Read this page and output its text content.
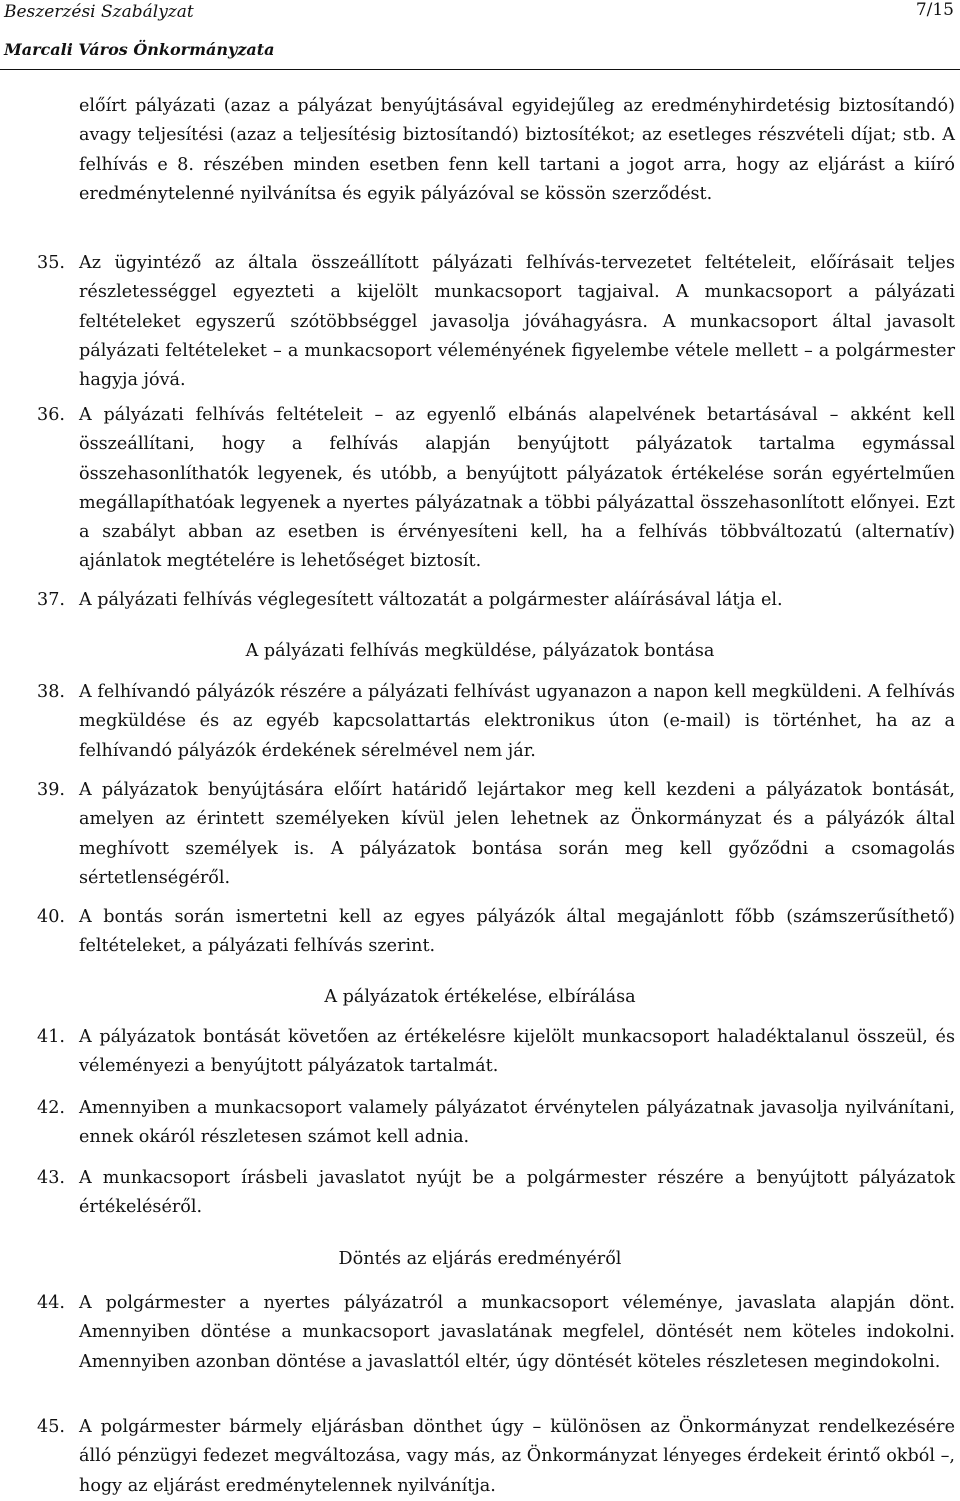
Beszerzési Szabályzat
Marcali Város Önkormányzata
7/15
előírt pályázati (azaz a pályázat benyújtásával egyidejűleg az eredményhirdetésig biztosítandó) avagy teljesítési (azaz a teljesítésig biztosítandó) biztosítékot; az esetleges részvételi díjat; stb. A felhívás e 8. részében minden esetben fenn kell tartani a jogot arra, hogy az eljárást a kiíró eredménytelenné nyilvánítsa és egyik pályázóval se kössön szerződést.
35. Az ügyintéző az általa összeállított pályázati felhívás-tervezetet feltételeit, előírásait teljes részletességgel egyezteti a kijelölt munkacsoport tagjaival. A munkacsoport a pályázati feltételeket egyszerű szótöbbséggel javasolja jóváhagyásra. A munkacsoport által javasolt pályázati feltételeket – a munkacsoport véleményének figyelembe vétele mellett – a polgármester hagyja jóvá.
36. A pályázati felhívás feltételeit – az egyenlő elbánás alapelvének betartásával – akként kell összeállítani, hogy a felhívás alapján benyújtott pályázatok tartalma egymással összehasonlíthatók legyenek, és utóbb, a benyújtott pályázatok értékelése során egyértelműen megállapíthatóak legyenek a nyertes pályázatnak a többi pályázattal összehasonlított előnyei. Ezt a szabályt abban az esetben is érvényesíteni kell, ha a felhívás többváltozatú (alternatív) ajánlatok megtételére is lehetőséget biztosít.
37. A pályázati felhívás véglegesített változatát a polgármester aláírásával látja el.
A pályázati felhívás megküldése, pályázatok bontása
38. A felhívandó pályázók részére a pályázati felhívást ugyanazon a napon kell megküldeni. A felhívás megküldése és az egyéb kapcsolattartás elektronikus úton (e-mail) is történhet, ha az a felhívandó pályázók érdekének sérelmével nem jár.
39. A pályázatok benyújtására előírt határidő lejártakor meg kell kezdeni a pályázatok bontását, amelyen az érintett személyeken kívül jelen lehetnek az Önkormányzat és a pályázók által meghívott személyek is. A pályázatok bontása során meg kell győződni a csomagolás sértetlenségéről.
40. A bontás során ismertetni kell az egyes pályázók által megajánlott főbb (számszerűsíthető) feltételeket, a pályázati felhívás szerint.
A pályázatok értékelése, elbírálása
41. A pályázatok bontását követően az értékelésre kijelölt munkacsoport haladéktalanul összeül, és véleményezi a benyújtott pályázatok tartalmát.
42. Amennyiben a munkacsoport valamely pályázatot érvénytelen pályázatnak javasolja nyilvánítani, ennek okáról részletesen számot kell adnia.
43. A munkacsoport írásbeli javaslatot nyújt be a polgármester részére a benyújtott pályázatok értékeléséről.
Döntés az eljárás eredményéről
44. A polgármester a nyertes pályázatról a munkacsoport véleménye, javaslata alapján dönt. Amennyiben döntése a munkacsoport javaslatának megfelel, döntését nem köteles indokolni. Amennyiben azonban döntése a javaslattól eltér, úgy döntését köteles részletesen megindokolni.
45. A polgármester bármely eljárásban dönthet úgy – különösen az Önkormányzat rendelkezésére álló pénzügyi fedezet megváltozása, vagy más, az Önkormányzat lényeges érdekeit érintő okból –, hogy az eljárást eredménytelennek nyilvánítja.
